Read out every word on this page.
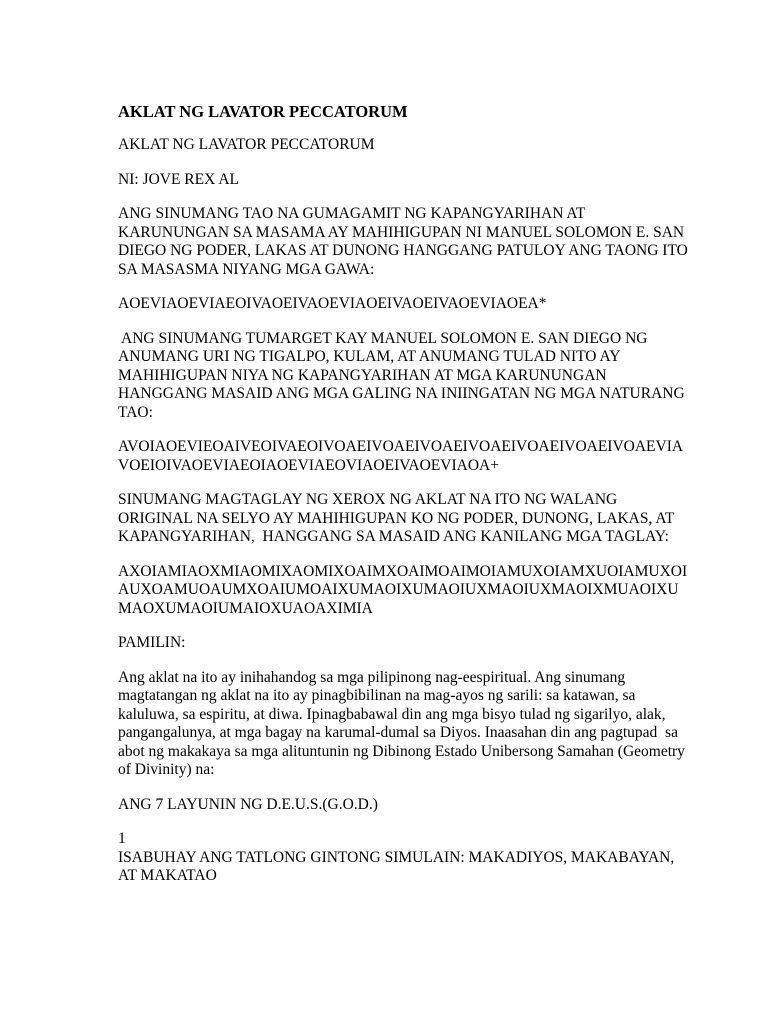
AKLAT NG LAVATOR PECCATORUM
AKLAT NG LAVATOR PECCATORUM
NI: JOVE REX AL
ANG SINUMANG TAO NA GUMAGAMIT NG KAPANGYARIHAN AT
KARUNUNGAN SA MASAMA AY MAHIHIGUPAN NI MANUEL SOLOMON E. SAN
DIEGO NG PODER, LAKAS AT DUNONG HANGGANG PATULOY ANG TAONG ITO
SA MASASMA NIYANG MGA GAWA:
AOEVIAOEVIAEOIVAOEIVAOEVIAOEIVAOEIVAOEVIAOEA*
ANG SINUMANG TUMARGET KAY MANUEL SOLOMON E. SAN DIEGO NG
ANUMANG URI NG TIGALPO, KULAM, AT ANUMANG TULAD NITO AY
MAHIHIGUPAN NIYA NG KAPANGYARIHAN AT MGA KARUNUNGAN
HANGGANG MASAID ANG MGA GALING NA INIINGATAN NG MGA NATURANG
TAO:
AVOIAOEVIEOAIVEOIVAEOIVOAEIVOAEIVOAEIVOAEIVOAEIVOAEIVOAEVIA
VOEIOIVAOEVIAEOIAOEVIAEOVIAOEIVAOEVIAOA+
SINUMANG MAGTAGLAY NG XEROX NG AKLAT NA ITO NG WALANG
ORIGINAL NA SELYO AY MAHIHIGUPAN KO NG PODER, DUNONG, LAKAS, AT
KAPANGYARIHAN,  HANGGANG SA MASAID ANG KANILANG MGA TAGLAY:
AXOIAMIAOXMIAOMIXAOMIXOAIMXOAIMOAIMOIAMUXOIAMXUOIAMUXOI
AUXOAMUOAUMXOAIUMOAIXUMAOIXUMAOIUXMAOIUXMAOIXMUAOIXU
MAOXUMAOIUMAIOXUAOAXIMIA
PAMILIN:
Ang aklat na ito ay inihahandog sa mga pilipinong nag-eespiritual. Ang sinumang
magtatangan ng aklat na ito ay pinagbibilinan na mag-ayos ng sarili: sa katawan, sa
kaluluwa, sa espiritu, at diwa. Ipinagbabawal din ang mga bisyo tulad ng sigarilyo, alak,
pangangalunya, at mga bagay na karumal-dumal sa Diyos. Inaasahan din ang pagtupad  sa
abot ng makakaya sa mga alituntunin ng Dibinong Estado Unibersong Samahan (Geometry
of Divinity) na:
ANG 7 LAYUNIN NG D.E.U.S.(G.O.D.)
1
ISABUHAY ANG TATLONG GINTONG SIMULAIN: MAKADIYOS, MAKABAYAN,
AT MAKATAO
